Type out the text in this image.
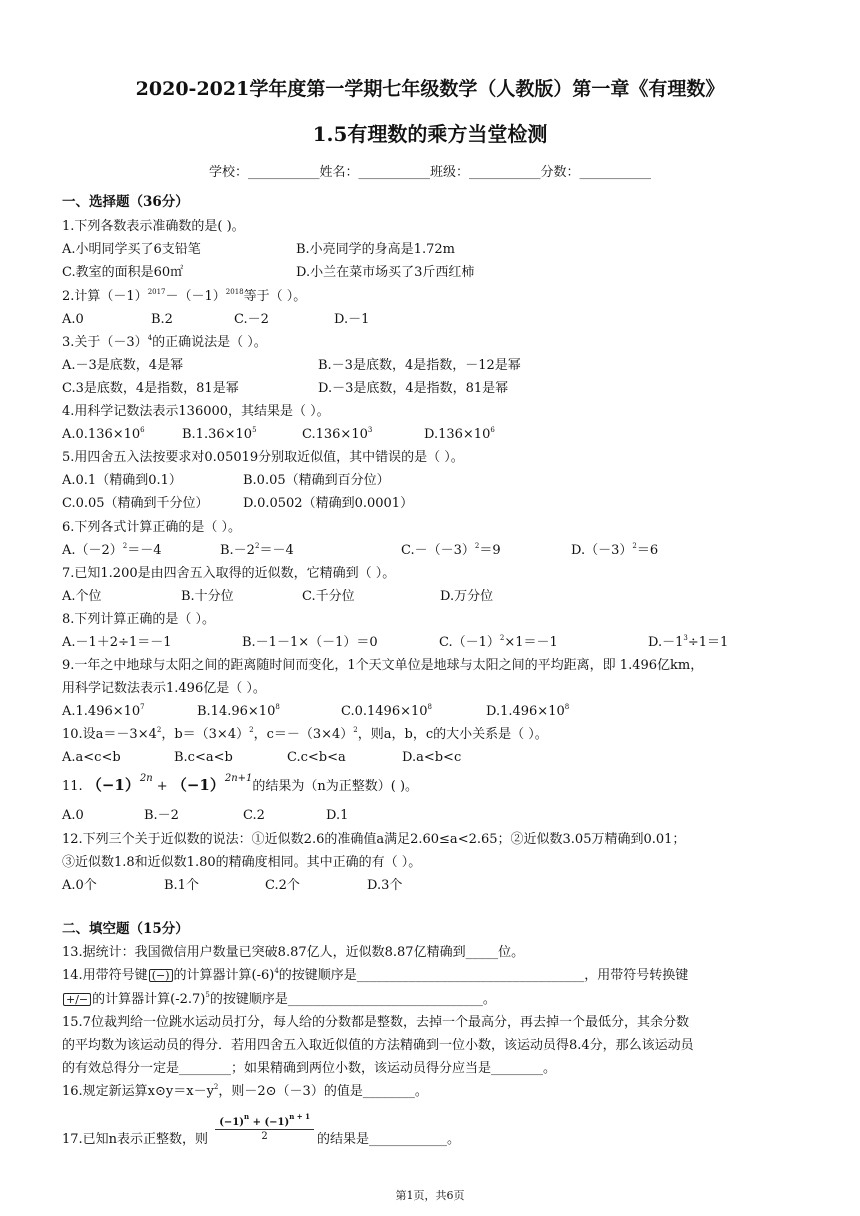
2020-2021学年度第一学期七年级数学（人教版）第一章《有理数》
1.5有理数的乘方当堂检测
学校：___________姓名：___________班级：___________分数：___________
一、选择题（36分）
1.下列各数表示准确数的是( )。
A.小明同学买了6支铅笔	B.小亮同学的身高是1.72m
C.教室的面积是60㎡	D.小兰在菜市场买了3斤西红柿
2.计算$(-1)^{2017}-(-1)^{2018}$等于（ ）。
A.0	B.2	C.－2	D.－1
3.关于$(-3)^4$的正确说法是（ ）。
A.－3是底数，4是幂	B.－3是底数，4是指数，－12是幂
C.3是底数，4是指数，81是幂	D.－3是底数，4是指数，81是幂
4.用科学记数法表示136000，其结果是（ ）。
$A.0.136\times 10^6$	$B.1.36\times 10^5$	$C.136\times 10^3$	$D.136\times 10^6$
5.用四舍五入法按要求对0.05019分别取近似值，其中错误的是（ ）。
A.0.1（精确到0.1）	B.0.05（精确到百分位）
C.0.05（精确到千分位）	D.0.0502（精确到0.0001）
6.下列各式计算正确的是（ ）。
$A.(-2)^2=-4$	$B.-2^2=-4$	$C.-(-3)^2=9$	$D.(-3)^2=6$
7.已知1.200是由四舍五入取得的近似数，它精确到（ ）。
A.个位	B.十分位	C.千分位	D.万分位
8.下列计算正确的是（ ）。
A.－1＋2÷1＝－1	B.－1－1×（－1）＝0	$C.(-1)^2\times 1=-1$	$D.-1^3\div 1=1$
9.一年之中地球与太阳之间的距离随时间而变化，1个天文单位是地球与太阳之间的平均距离，即 1.496亿km，
用科学记数法表示1.496亿是（ ）。
$A.1.496\times 10^7$	$B.14.96\times 10^8$	$C.0.1496\times 10^8$	$D.1.496\times 10^8$
10.设$a=-3\times 4^2$，$b=(3\times 4)^2$，$c=-(3\times 4)^2$，则a，b，c的大小关系是（ ）。
A.a<c<b	B.c<a<b	C.c<b<a	D.a<b<c
11. $(-1)^{2n} + (-1)^{2n+1}$的结果为（n为正整数）( )。
A.0	B.－2	C.2	D.1
12.下列三个关于近似数的说法：①近似数2.6的准确值a满足2.60≤a<2.65；②近似数3.05万精确到0.01；
③近似数1.8和近似数1.80的精确度相同。其中正确的有（ ）。
A.0个	B.1个	C.2个	D.3个
二、填空题（15分）
13.据统计：我国微信用户数量已突破8.87亿人，近似数8.87亿精确到_____位。
14.用带符号键 (−) 的计算器计算$(-6)^4$的按键顺序是___________________________________，用带符号转换键
+/− 的计算器计算$(-2.7)^5$的按键顺序是______________________________。
15.7位裁判给一位跳水运动员打分，每人给的分数都是整数，去掉一个最高分，再去掉一个最低分，其余分数
的平均数为该运动员的得分．若用四舍五入取近似值的方法精确到一位小数，该运动员得8.4分，那么该运动员
的有效总得分一定是________；如果精确到两位小数，该运动员得分应当是________。
16.规定新运算$x⊙y=x-y^2$，则－2⊙（－3）的值是________。
17.已知n表示正整数，则 $\frac{(-1)^n + (-1)^{n + 1}}{2}$ 的结果是____________。
第1页，共6页
